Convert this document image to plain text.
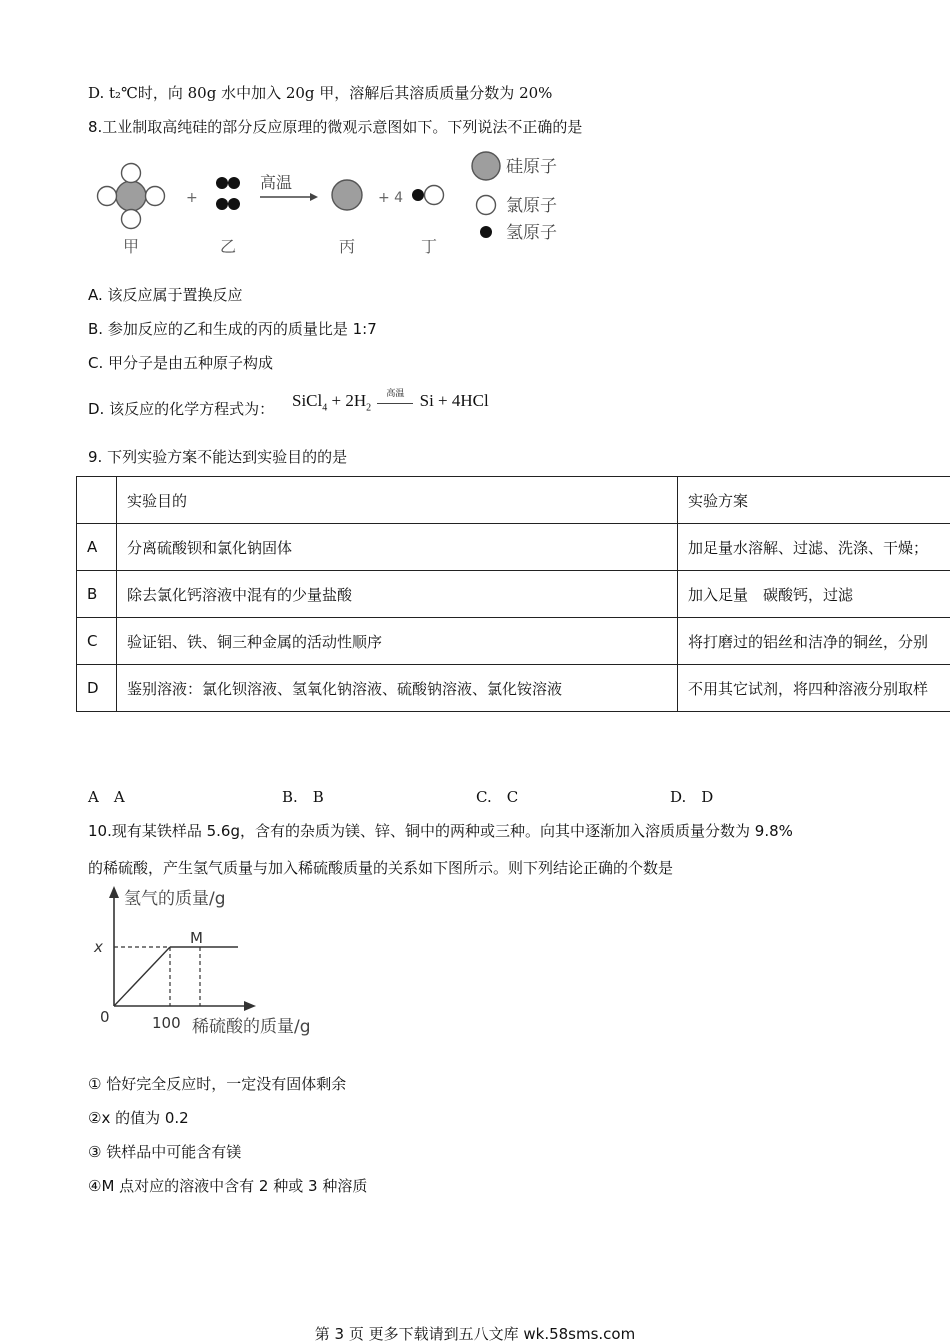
D. t₂℃时，向 80g 水中加入 20g 甲，溶解后其溶质质量分数为 20%
8.工业制取高纯硅的部分反应原理的微观示意图如下。下列说法不正确的是
+
高温
+ 4
甲	乙	丙	丁
硅原子
氯原子
氢原子
A. 该反应属于置换反应
B. 参加反应的乙和生成的丙的质量比是 1:7
C. 甲分子是由五种原子构成
D. 该反应的化学方程式为： SiCl$_4$ + $2H_2$
高温 Si + 4HCl
9. 下列实验方案不能达到实验目的的是
	实验目的	实验方案
A	分离硫酸钡和氯化钠固体	加足量水溶解、过滤、洗涤、干燥；
B	除去氯化钙溶液中混有的少量盐酸	加入足量　碳酸钙，过滤
C	验证铝、铁、铜三种金属的活动性顺序	将打磨过的铝丝和洁净的铜丝，分别
D	鉴别溶液：氯化钡溶液、氢氧化钠溶液、硫酸钠溶液、氯化铵溶液	不用其它试剂，将四种溶液分别取样
A　A	B.　B	C.　C	D.　D
10.现有某铁样品 5.6g，含有的杂质为镁、锌、铜中的两种或三种。向其中逐渐加入溶质质量分数为 9.8%
的稀硫酸，产生氢气质量与加入稀硫酸质量的关系如下图所示。则下列结论正确的个数是
氢气的质量/g
x	M
0	100 稀硫酸的质量/g
① 恰好完全反应时，一定没有固体剩余
②x 的值为 0.2
③ 铁样品中可能含有镁
④M 点对应的溶液中含有 2 种或 3 种溶质
第 3 页 更多下载请到五八文库 wk.58sms.com
